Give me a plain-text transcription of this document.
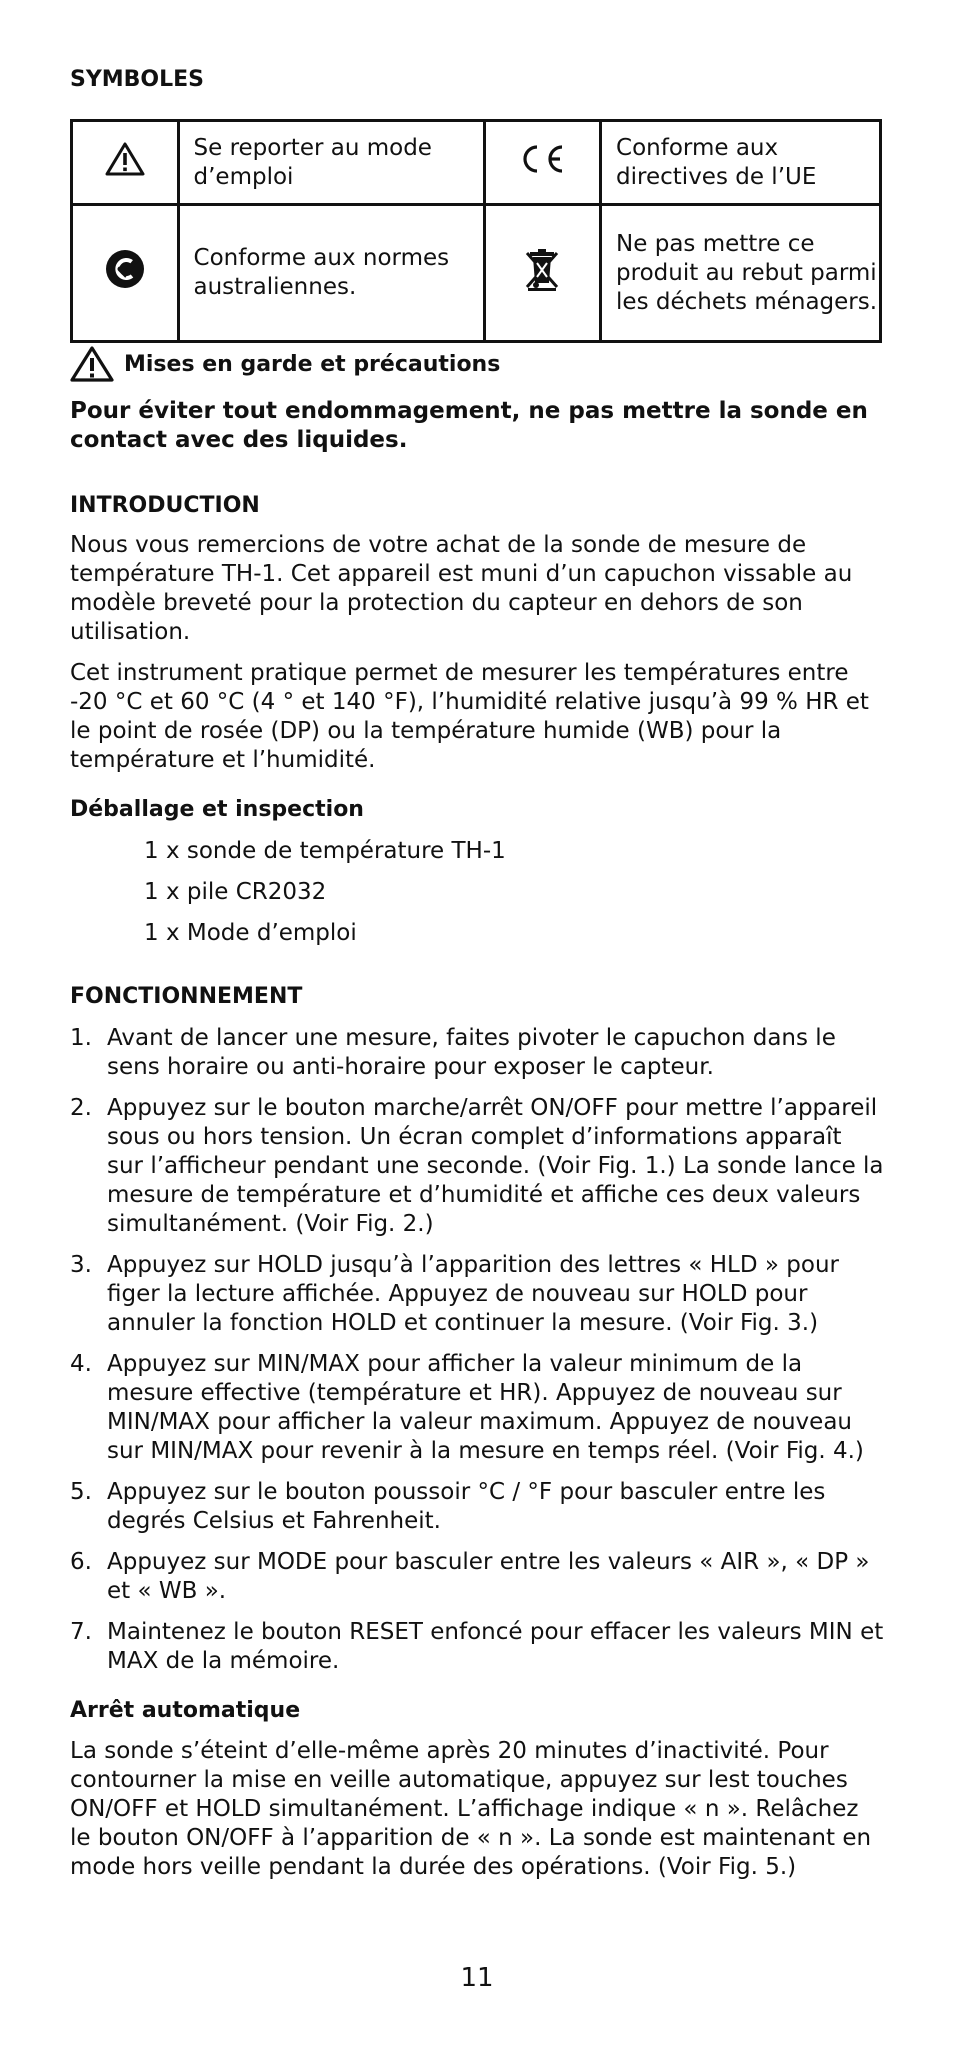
SYMBOLES
	Se reporter au mode d’emploi		Conforme aux directives de l’UE
	Conforme aux normes australiennes.		Ne pas mettre ce produit au rebut parmi les déchets ménagers.
Mises en garde et précautions

Pour éviter tout endommagement, ne pas mettre la sonde en contact avec des liquides.

INTRODUCTION

Nous vous remercions de votre achat de la sonde de mesure de température TH-1. Cet appareil est muni d’un capuchon vissable au modèle breveté pour la protection du capteur en dehors de son utilisation.

Cet instrument pratique permet de mesurer les températures entre -20 °C et 60 °C (4 ° et 140 °F), l’humidité relative jusqu’à 99 % HR et le point de rosée (DP) ou la température humide (WB) pour la température et l’humidité.

Déballage et inspection
1 x sonde de température TH-1
1 x pile CR2032
1 x Mode d’emploi
FONCTIONNEMENT
1. Avant de lancer une mesure, faites pivoter le capuchon dans le sens horaire ou anti-horaire pour exposer le capteur.
2. Appuyez sur le bouton marche/arrêt ON/OFF pour mettre l’appareil sous ou hors tension. Un écran complet d’informations apparaît sur l’afficheur pendant une seconde. (Voir Fig. 1.) La sonde lance la mesure de température et d’humidité et affiche ces deux valeurs simultanément. (Voir Fig. 2.)
3. Appuyez sur HOLD jusqu’à l’apparition des lettres « HLD » pour figer la lecture affichée. Appuyez de nouveau sur HOLD pour annuler la fonction HOLD et continuer la mesure. (Voir Fig. 3.)
4. Appuyez sur MIN/MAX pour afficher la valeur minimum de la mesure effective (température et HR). Appuyez de nouveau sur MIN/MAX pour afficher la valeur maximum. Appuyez de nouveau sur MIN/MAX pour revenir à la mesure en temps réel. (Voir Fig. 4.)
5. Appuyez sur le bouton poussoir °C / °F pour basculer entre les degrés Celsius et Fahrenheit.
6. Appuyez sur MODE pour basculer entre les valeurs « AIR », « DP » et « WB ».
7. Maintenez le bouton RESET enfoncé pour effacer les valeurs MIN et MAX de la mémoire.
Arrêt automatique

La sonde s’éteint d’elle-même après 20 minutes d’inactivité. Pour contourner la mise en veille automatique, appuyez sur lest touches ON/OFF et HOLD simultanément. L’affichage indique « n ». Relâchez le bouton ON/OFF à l’apparition de « n ». La sonde est maintenant en mode hors veille pendant la durée des opérations. (Voir Fig. 5.)

11
